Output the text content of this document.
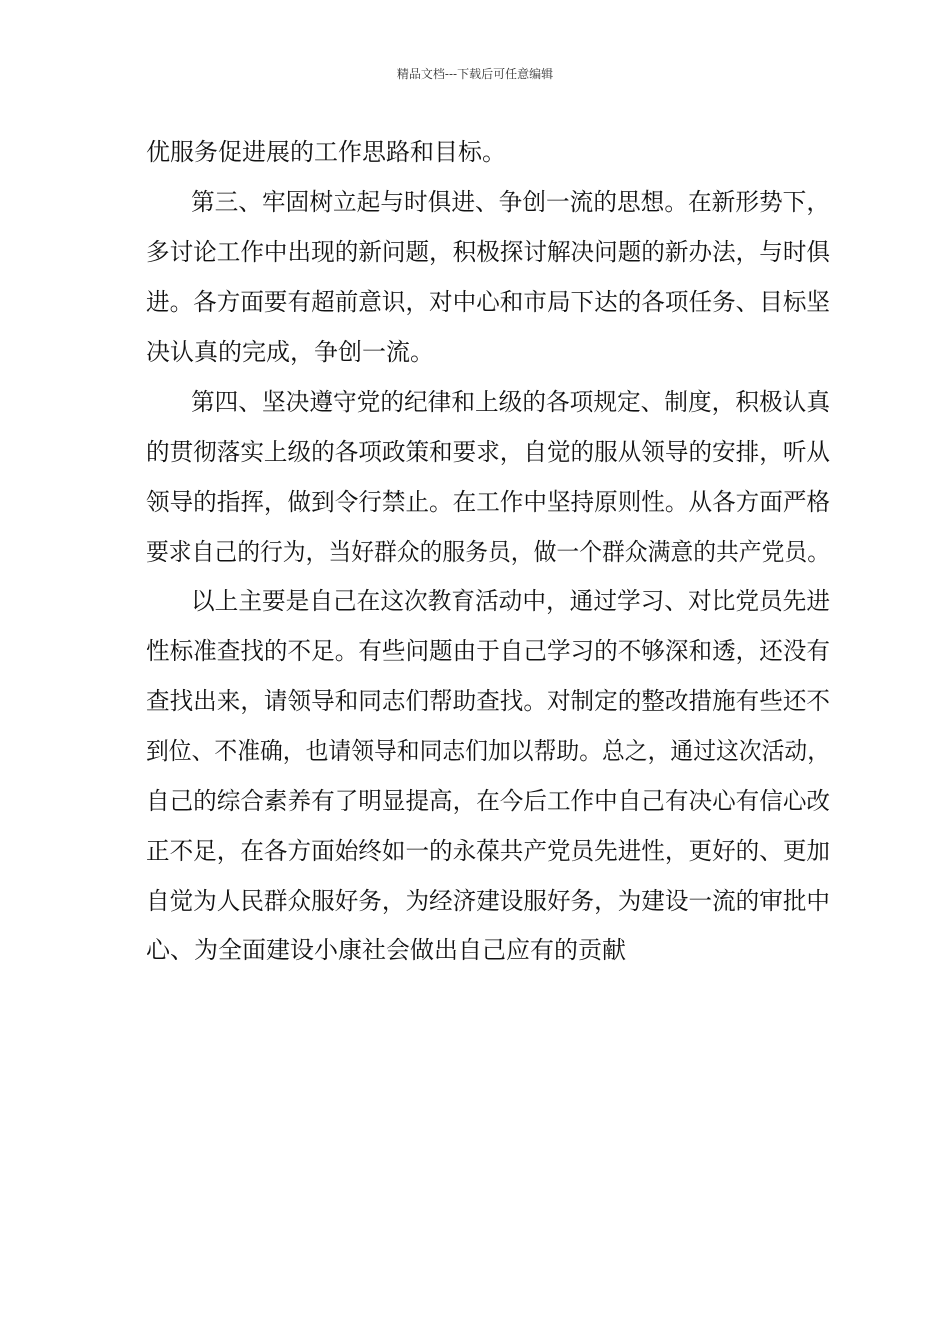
精品文档---下载后可任意编辑
优服务促进展的工作思路和目标。
第三、牢固树立起与时俱进、争创一流的思想。在新形势下，
多讨论工作中出现的新问题，积极探讨解决问题的新办法，与时俱
进。各方面要有超前意识，对中心和市局下达的各项任务、目标坚
决认真的完成，争创一流。
第四、坚决遵守党的纪律和上级的各项规定、制度，积极认真
的贯彻落实上级的各项政策和要求，自觉的服从领导的安排，听从
领导的指挥，做到令行禁止。在工作中坚持原则性。从各方面严格
要求自己的行为，当好群众的服务员，做一个群众满意的共产党员。
以上主要是自己在这次教育活动中，通过学习、对比党员先进
性标准查找的不足。有些问题由于自己学习的不够深和透，还没有
查找出来，请领导和同志们帮助查找。对制定的整改措施有些还不
到位、不准确，也请领导和同志们加以帮助。总之，通过这次活动，
自己的综合素养有了明显提高，在今后工作中自己有决心有信心改
正不足，在各方面始终如一的永葆共产党员先进性，更好的、更加
自觉为人民群众服好务，为经济建设服好务，为建设一流的审批中
心、为全面建设小康社会做出自己应有的贡献
